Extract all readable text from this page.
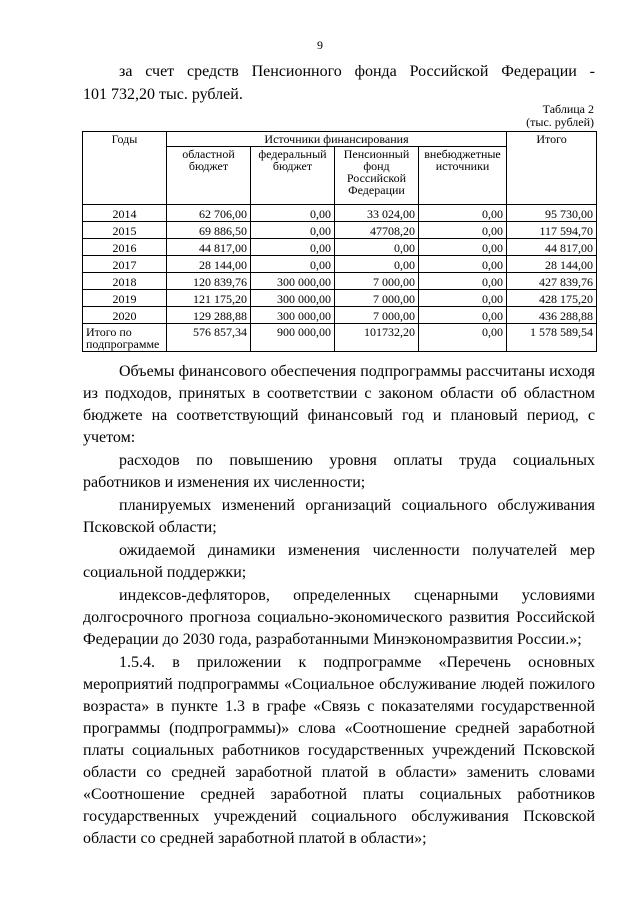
9
за счет средств Пенсионного фонда Российской Федерации -
101 732,20 тыс. рублей.
Таблица 2
(тыс. рублей)
Годы	Источники финансирования				Итого
	областной бюджет	федеральный бюджет	Пенсионный фонд Российской Федерации	внебюджетные источники	
2014	62 706,00	0,00	33 024,00	0,00	95 730,00
2015	69 886,50	0,00	47708,20	0,00	117 594,70
2016	44 817,00	0,00	0,00	0,00	44 817,00
2017	28 144,00	0,00	0,00	0,00	28 144,00
2018	120 839,76	300 000,00	7 000,00	0,00	427 839,76
2019	121 175,20	300 000,00	7 000,00	0,00	428 175,20
2020	129 288,88	300 000,00	7 000,00	0,00	436 288,88
Итого по подпрограмме	576 857,34	900 000,00	101732,20	0,00	1 578 589,54

Объемы финансового обеспечения подпрограммы рассчитаны исходя из подходов, принятых в соответствии с законом области об областном бюджете на соответствующий финансовый год и плановый период, с учетом:

расходов по повышению уровня оплаты труда социальных работников и изменения их численности;

планируемых изменений организаций социального обслуживания Псковской области;

ожидаемой динамики изменения численности получателей мер социальной поддержки;

индексов-дефляторов, определенных сценарными условиями долгосрочного прогноза социально-экономического развития Российской Федерации до 2030 года, разработанными Минэкономразвития России.»;

1.5.4. в приложении к подпрограмме «Перечень основных мероприятий подпрограммы «Социальное обслуживание людей пожилого возраста» в пункте 1.3 в графе «Связь с показателями государственной программы (подпрограммы)» слова «Соотношение средней заработной платы социальных работников государственных учреждений Псковской области со средней заработной платой в области» заменить словами «Соотношение средней заработной платы социальных работников государственных учреждений социального обслуживания Псковской области со средней заработной платой в области»;
